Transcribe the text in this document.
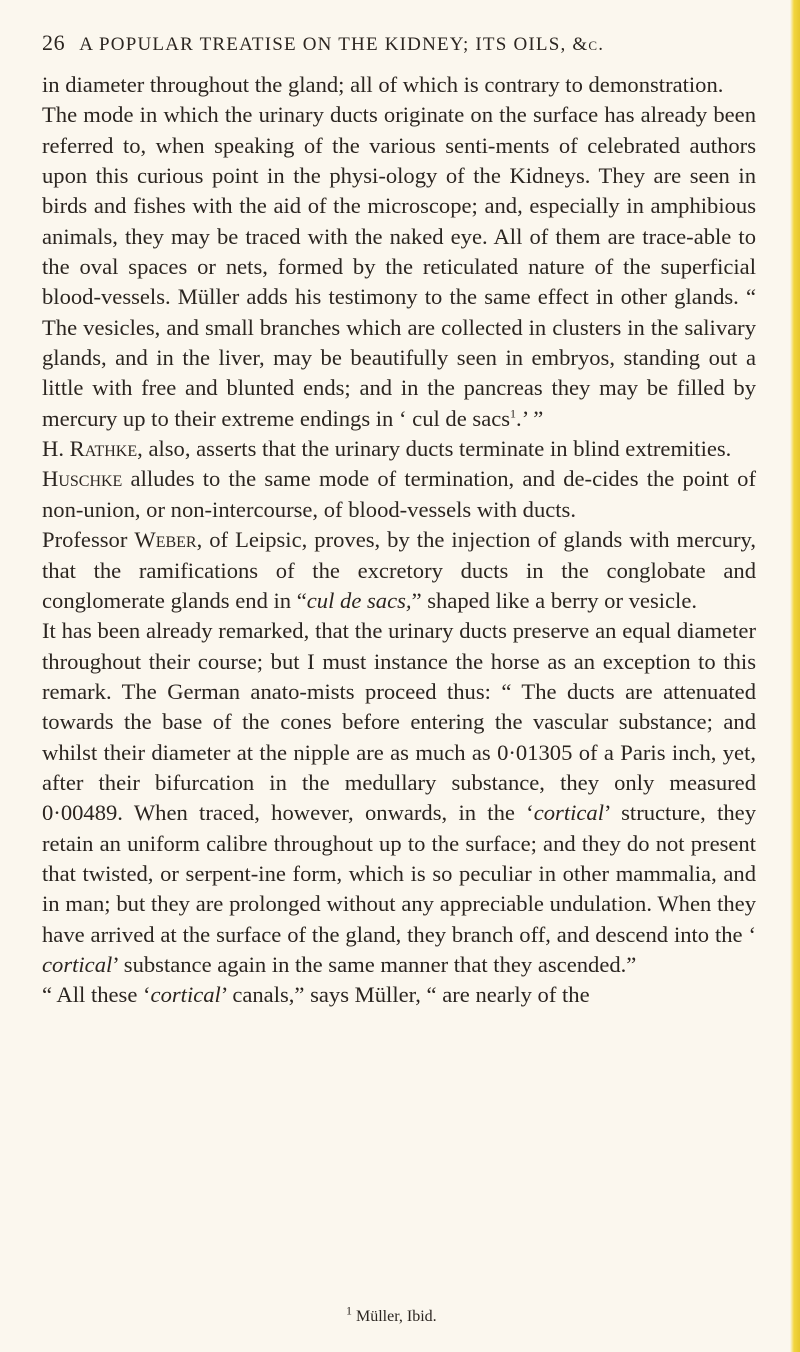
26 A POPULAR TREATISE ON THE KIDNEY; ITS OILS, &c.

in diameter throughout the gland; all of which is contrary to demonstration.

The mode in which the urinary ducts originate on the surface has already been referred to, when speaking of the various senti-ments of celebrated authors upon this curious point in the physi-ology of the Kidneys. They are seen in birds and fishes with the aid of the microscope; and, especially in amphibious animals, they may be traced with the naked eye. All of them are trace-able to the oval spaces or nets, formed by the reticulated nature of the superficial blood-vessels. Müller adds his testimony to the same effect in other glands. “ The vesicles, and small branches which are collected in clusters in the salivary glands, and in the liver, may be beautifully seen in embryos, standing out a little with free and blunted ends; and in the pancreas they may be filled by mercury up to their extreme endings in ‘ cul de sacs$^1$.’ ”

H. Rathke, also, asserts that the urinary ducts terminate in blind extremities.

Huschke alludes to the same mode of termination, and de-cides the point of non-union, or non-intercourse, of blood-vessels with ducts.

Professor Weber, of Leipsic, proves, by the injection of glands with mercury, that the ramifications of the excretory ducts in the conglobate and conglomerate glands end in “cul de sacs,” shaped like a berry or vesicle.

It has been already remarked, that the urinary ducts preserve an equal diameter throughout their course; but I must instance the horse as an exception to this remark. The German anato-mists proceed thus: “ The ducts are attenuated towards the base of the cones before entering the vascular substance; and whilst their diameter at the nipple are as much as 0·01305 of a Paris inch, yet, after their bifurcation in the medullary substance, they only measured 0·00489. When traced, however, onwards, in the ‘cortical’ structure, they retain an uniform calibre throughout up to the surface; and they do not present that twisted, or serpent-ine form, which is so peculiar in other mammalia, and in man; but they are prolonged without any appreciable undulation. When they have arrived at the surface of the gland, they branch off, and descend into the ‘ cortical’ substance again in the same manner that they ascended.”

“ All these ‘cortical’ canals,” says Müller, “ are nearly of the

$^1$ Müller, Ibid.
